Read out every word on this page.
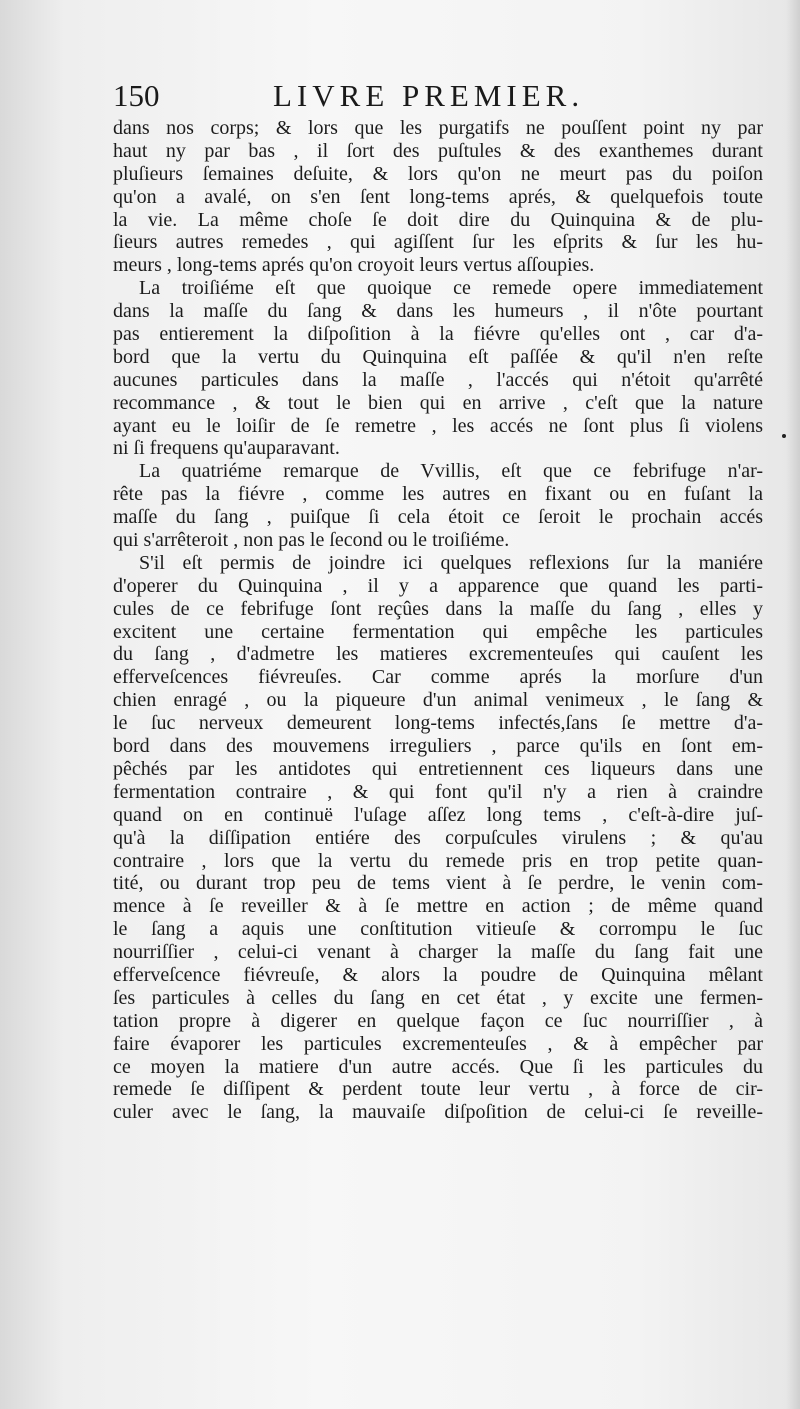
150	LIVRE PREMIER.
dans nos corps; & lors que les purgatifs ne pouſſent point ny par
haut ny par bas , il ſort des puſtules & des exanthemes durant
pluſieurs ſemaines deſuite, & lors qu'on ne meurt pas du poiſon
qu'on a avalé, on s'en ſent long-tems aprés, & quelquefois toute
la vie. La même choſe ſe doit dire du Quinquina & de plu-
ſieurs autres remedes , qui agiſſent ſur les eſprits & ſur les hu-
meurs , long-tems aprés qu'on croyoit leurs vertus aſſoupies.
La troiſiéme eſt que quoique ce remede opere immediatement
dans la maſſe du ſang & dans les humeurs , il n'ôte pourtant
pas entierement la diſpoſition à la fiévre qu'elles ont , car d'a-
bord que la vertu du Quinquina eſt paſſée & qu'il n'en reſte
aucunes particules dans la maſſe , l'accés qui n'étoit qu'arrêté
recommance , & tout le bien qui en arrive , c'eſt que la nature
ayant eu le loiſir de ſe remetre , les accés ne ſont plus ſi violens
ni ſi frequens qu'auparavant.
La quatriéme remarque de Vvillis, eſt que ce febrifuge n'ar-
rête pas la fiévre , comme les autres en fixant ou en fuſant la
maſſe du ſang , puiſque ſi cela étoit ce ſeroit le prochain accés
qui s'arrêteroit , non pas le ſecond ou le troiſiéme.
S'il eſt permis de joindre ici quelques reflexions ſur la maniére
d'operer du Quinquina , il y a apparence que quand les parti-
cules de ce febrifuge ſont reçûes dans la maſſe du ſang , elles y
excitent une certaine fermentation qui empêche les particules
du ſang , d'admetre les matieres excrementeuſes qui cauſent les
efferveſcences fiévreuſes. Car comme aprés la morſure d'un
chien enragé , ou la piqueure d'un animal venimeux , le ſang &
le ſuc nerveux demeurent long-tems infectés,ſans ſe mettre d'a-
bord dans des mouvemens irreguliers , parce qu'ils en ſont em-
pêchés par les antidotes qui entretiennent ces liqueurs dans une
fermentation contraire , & qui font qu'il n'y a rien à craindre
quand on en continuë l'uſage aſſez long tems , c'eſt-à-dire juſ-
qu'à la diſſipation entiére des corpuſcules virulens ; & qu'au
contraire , lors que la vertu du remede pris en trop petite quan-
tité, ou durant trop peu de tems vient à ſe perdre, le venin com-
mence à ſe reveiller & à ſe mettre en action ; de même quand
le ſang a aquis une conſtitution vitieuſe & corrompu le ſuc
nourriſſier , celui-ci venant à charger la maſſe du ſang fait une
efferveſcence fiévreuſe, & alors la poudre de Quinquina mêlant
ſes particules à celles du ſang en cet état , y excite une fermen-
tation propre à digerer en quelque façon ce ſuc nourriſſier , à
faire évaporer les particules excrementeuſes , & à empêcher par
ce moyen la matiere d'un autre accés. Que ſi les particules du
remede ſe diſſipent & perdent toute leur vertu , à force de cir-
culer avec le ſang, la mauvaiſe diſpoſition de celui-ci ſe reveille-
